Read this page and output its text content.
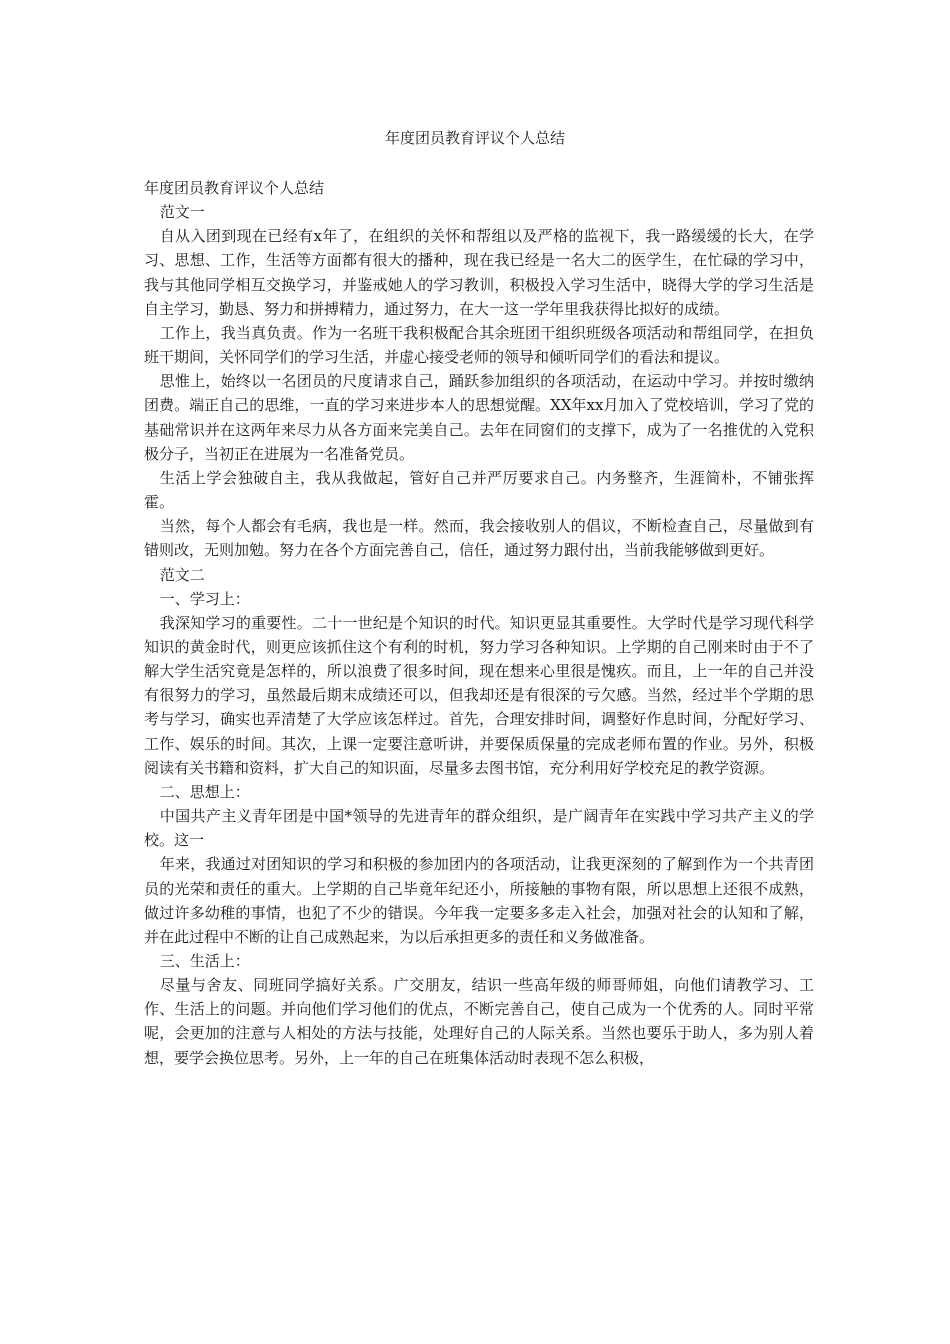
年度团员教育评议个人总结

年度团员教育评议个人总结

范文一

自从入团到现在已经有x年了，在组织的关怀和帮组以及严格的监视下，我一路缓缓的长大，在学习、思想、工作，生活等方面都有很大的播种，现在我已经是一名大二的医学生，在忙碌的学习中，我与其他同学相互交换学习，并鉴戒她人的学习教训，积极投入学习生活中，晓得大学的学习生活是自主学习，勤恳、努力和拼搏精力，通过努力，在大一这一学年里我获得比拟好的成绩。

工作上，我当真负责。作为一名班干我积极配合其余班团干组织班级各项活动和帮组同学，在担负班干期间，关怀同学们的学习生活，并虚心接受老师的领导和倾听同学们的看法和提议。

思惟上，始终以一名团员的尺度请求自己，踊跃参加组织的各项活动，在运动中学习。并按时缴纳团费。端正自己的思维，一直的学习来进步本人的思想觉醒。XX年xx月加入了党校培训，学习了党的基础常识并在这两年来尽力从各方面来完美自己。去年在同窗们的支撑下，成为了一名推优的入党积极分子，当初正在进展为一名准备党员。

生活上学会独破自主，我从我做起，管好自己并严厉要求自己。内务整齐，生涯简朴，不铺张挥霍。

当然，每个人都会有毛病，我也是一样。然而，我会接收别人的倡议，不断检查自己，尽量做到有错则改，无则加勉。努力在各个方面完善自己，信任，通过努力跟付出，当前我能够做到更好。

范文二

一、学习上：

我深知学习的重要性。二十一世纪是个知识的时代。知识更显其重要性。大学时代是学习现代科学知识的黄金时代，则更应该抓住这个有利的时机，努力学习各种知识。上学期的自己刚来时由于不了解大学生活究竟是怎样的，所以浪费了很多时间，现在想来心里很是愧疚。而且，上一年的自己并没有很努力的学习，虽然最后期末成绩还可以，但我却还是有很深的亏欠感。当然，经过半个学期的思考与学习，确实也弄清楚了大学应该怎样过。首先，合理安排时间，调整好作息时间，分配好学习、工作、娱乐的时间。其次，上课一定要注意听讲，并要保质保量的完成老师布置的作业。另外，积极阅读有关书籍和资料，扩大自己的知识面，尽量多去图书馆，充分利用好学校充足的教学资源。

二、思想上：

中国共产主义青年团是中国*领导的先进青年的群众组织，是广阔青年在实践中学习共产主义的学校。这一

年来，我通过对团知识的学习和积极的参加团内的各项活动，让我更深刻的了解到作为一个共青团员的光荣和责任的重大。上学期的自己毕竟年纪还小，所接触的事物有限，所以思想上还很不成熟，做过许多幼稚的事情，也犯了不少的错误。今年我一定要多多走入社会，加强对社会的认知和了解，并在此过程中不断的让自己成熟起来，为以后承担更多的责任和义务做准备。

三、生活上：

尽量与舍友、同班同学搞好关系。广交朋友，结识一些高年级的师哥师姐，向他们请教学习、工作、生活上的问题。并向他们学习他们的优点，不断完善自己，使自己成为一个优秀的人。同时平常呢，会更加的注意与人相处的方法与技能，处理好自己的人际关系。当然也要乐于助人，多为别人着想，要学会换位思考。另外，上一年的自己在班集体活动时表现不怎么积极，
